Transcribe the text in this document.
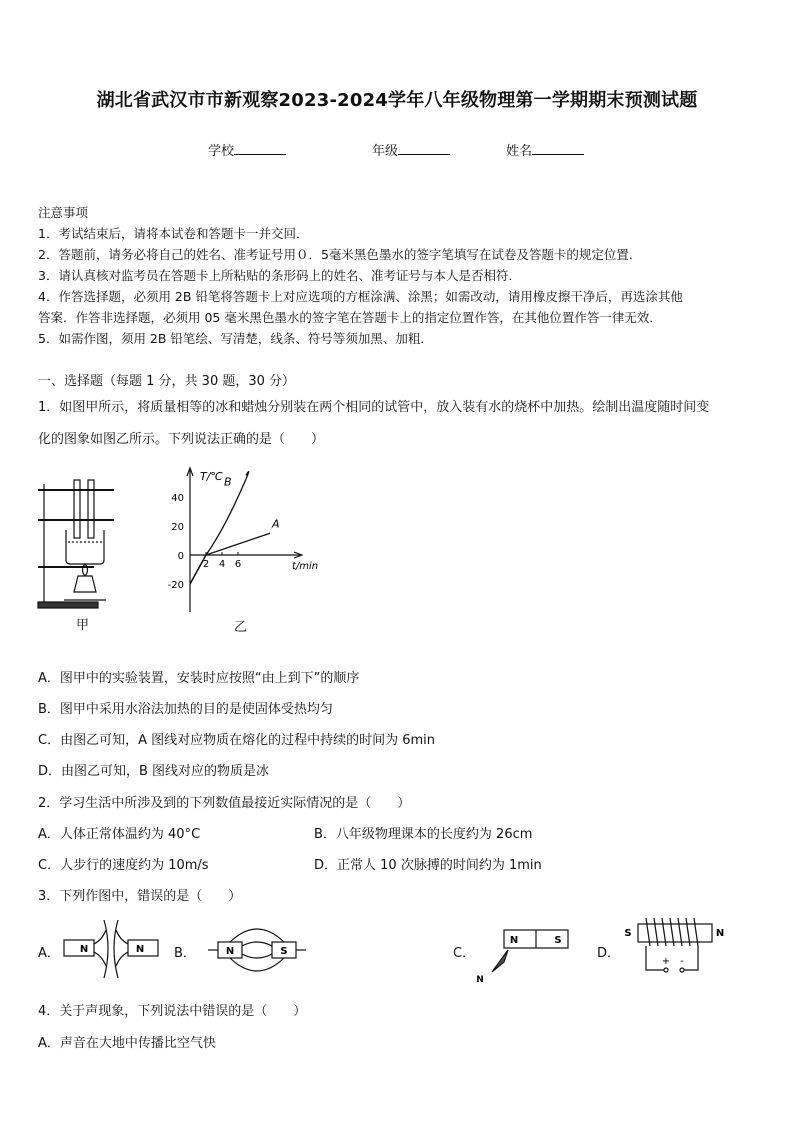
湖北省武汉市市新观察2023-2024学年八年级物理第一学期期末预测试题
学校	年级	姓名
注意事项
1．考试结束后，请将本试卷和答题卡一并交回．
2．答题前，请务必将自己的姓名、准考证号用０．5毫米黑色墨水的签字笔填写在试卷及答题卡的规定位置．
3．请认真核对监考员在答题卡上所粘贴的条形码上的姓名、准考证号与本人是否相符．
4．作答选择题，必须用 2B 铅笔将答题卡上对应选项的方框涂满、涂黑；如需改动，请用橡皮擦干净后，再选涂其他
答案．作答非选择题，必须用 05 毫米黑色墨水的签字笔在答题卡上的指定位置作答，在其他位置作答一律无效．
5．如需作图，须用 2B 铅笔绘、写清楚，线条、符号等须加黑、加粗．
一、选择题（每题 1 分，共 30 题，30 分）
1．如图甲所示，将质量相等的冰和蜡烛分别装在两个相同的试管中，放入装有水的烧杯中加热。绘制出温度随时间变
化的图象如图乙所示。下列说法正确的是（　　）
甲
T/℃
t/min
40
20
0
-20
2 4 6
A
B
乙
A．图甲中的实验装置，安装时应按照“由上到下”的顺序
B．图甲中采用水浴法加热的目的是使固体受热均匀
C．由图乙可知，A 图线对应物质在熔化的过程中持续的时间为 6min
D．由图乙可知，B 图线对应的物质是冰
2．学习生活中所涉及到的下列数值最接近实际情况的是（　　）
A．人体正常体温约为 40°C	B．八年级物理课本的长度约为 26cm
C．人步行的速度约为 10m/s	D．正常人 10 次脉搏的时间约为 1min
3．下列作图中，错误的是（　　）
A． N	N B．	N	S	C．
N	S
N
D．
S	N
+ -
4．关于声现象，下列说法中错误的是（　　）
A．声音在大地中传播比空气快
